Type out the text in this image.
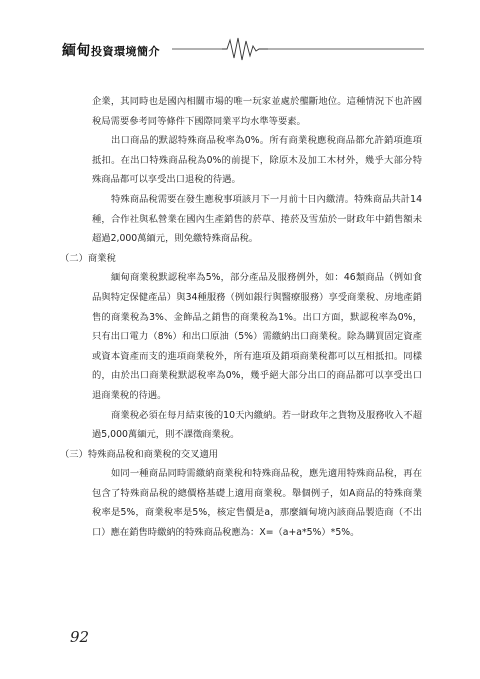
緬甸投資環境簡介

企業，其同時也是國內相關市場的唯一玩家並處於壟斷地位。這種情況下也許國稅局需要參考同等條件下國際同業平均水準等要素。

出口商品的默認特殊商品稅率為0%。所有商業稅應稅商品都允許銷項進項抵扣。在出口特殊商品稅為0%的前提下，除原木及加工木材外，幾乎大部分特殊商品都可以享受出口退稅的待遇。

特殊商品稅需要在發生應稅事項該月下一月前十日內繳清。特殊商品共計14種，合作社與私營業在國內生產銷售的菸草、捲菸及雪茄於一財政年中銷售額未超過2,000萬緬元，則免繳特殊商品稅。

（二）商業稅

緬甸商業稅默認稅率為5%，部分產品及服務例外，如：46類商品（例如食品與特定保健產品）與34種服務（例如銀行與醫療服務）享受商業稅、房地產銷售的商業稅為3%、金飾品之銷售的商業稅為1%。出口方面，默認稅率為0%，只有出口電力（8%）和出口原油（5%）需繳納出口商業稅。除為購買固定資產或資本資產而支的進項商業稅外，所有進項及銷項商業稅都可以互相抵扣。同樣的，由於出口商業稅默認稅率為0%，幾乎絕大部分出口的商品都可以享受出口退商業稅的待遇。

商業稅必須在每月結束後的10天內繳納。若一財政年之貨物及服務收入不超過5,000萬緬元，則不課徵商業稅。

（三）特殊商品稅和商業稅的交叉適用

如同一種商品同時需繳納商業稅和特殊商品稅，應先適用特殊商品稅，再在包含了特殊商品稅的總價格基礎上適用商業稅。舉個例子，如A商品的特殊商業稅率是5%，商業稅率是5%，核定售價是a，那麼緬甸境內該商品製造商（不出口）應在銷售時繳納的特殊商品稅應為：X=（a+a*5%）*5%。

92
